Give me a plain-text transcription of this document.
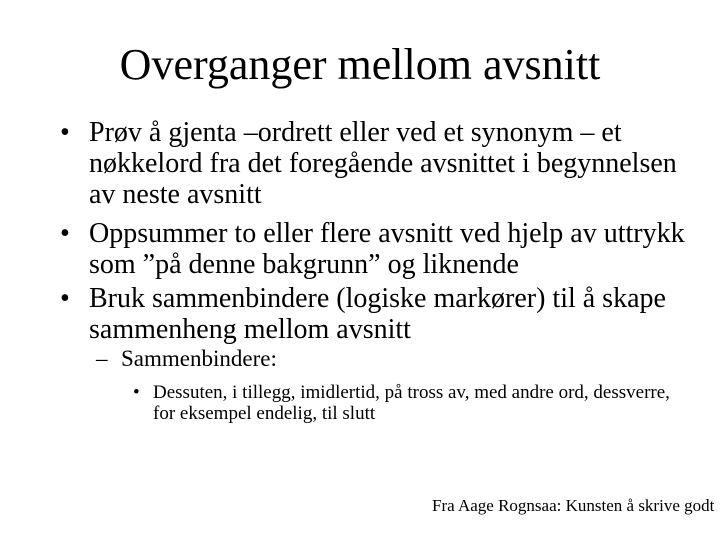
Overganger mellom avsnitt
• Prøv å gjenta –ordrett eller ved et synonym – et nøkkelord fra det foregående avsnittet i begynnelsen av neste avsnitt
• Oppsummer to eller flere avsnitt ved hjelp av uttrykk som ”på denne bakgrunn” og liknende
• Bruk sammenbindere (logiske markører) til å skape sammenheng mellom avsnitt
– Sammenbindere:
• Dessuten, i tillegg, imidlertid, på tross av, med andre ord, dessverre, for eksempel endelig, til slutt
Fra Aage Rognsaa: Kunsten å skrive godt
